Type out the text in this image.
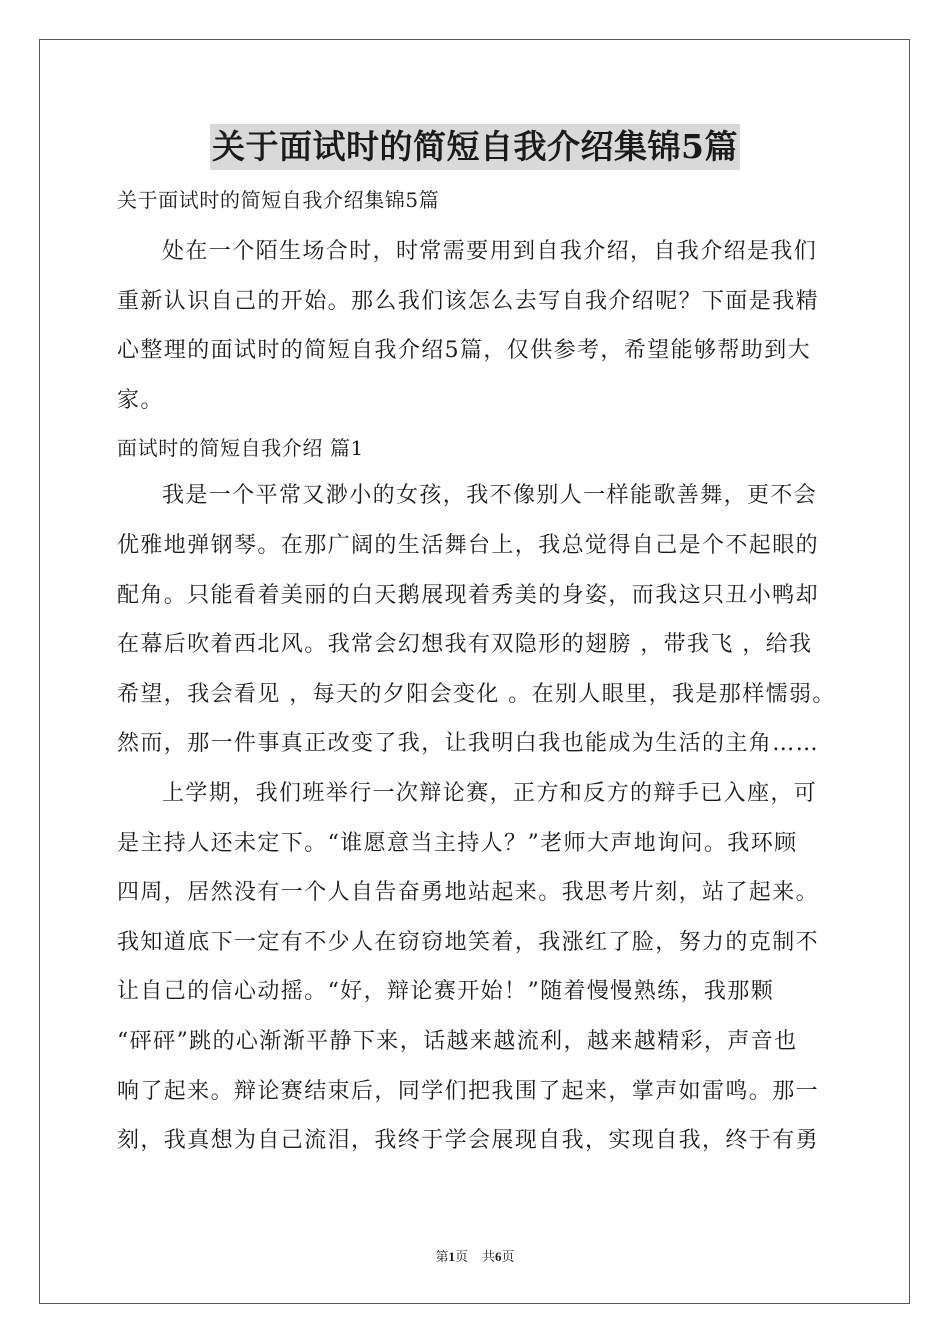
关于面试时的简短自我介绍集锦5篇
关于面试时的简短自我介绍集锦5篇
处在一个陌生场合时，时常需要用到自我介绍，自我介绍是我们
重新认识自己的开始。那么我们该怎么去写自我介绍呢？下面是我精
心整理的面试时的简短自我介绍5篇，仅供参考，希望能够帮助到大
家。
面试时的简短自我介绍 篇1
我是一个平常又渺小的女孩，我不像别人一样能歌善舞，更不会
优雅地弹钢琴。在那广阔的生活舞台上，我总觉得自己是个不起眼的
配角。只能看着美丽的白天鹅展现着秀美的身姿，而我这只丑小鸭却
在幕后吹着西北风。我常会幻想我有双隐形的翅膀 ，带我飞 ，给我
希望，我会看见 ，每天的夕阳会变化 。在别人眼里，我是那样懦弱。
然而，那一件事真正改变了我，让我明白我也能成为生活的主角……
上学期，我们班举行一次辩论赛，正方和反方的辩手已入座，可
是主持人还未定下。“谁愿意当主持人？”老师大声地询问。我环顾
四周，居然没有一个人自告奋勇地站起来。我思考片刻，站了起来。
我知道底下一定有不少人在窃窃地笑着，我涨红了脸，努力的克制不
让自己的信心动摇。“好，辩论赛开始！”随着慢慢熟练，我那颗
“砰砰”跳的心渐渐平静下来，话越来越流利，越来越精彩，声音也
响了起来。辩论赛结束后，同学们把我围了起来，掌声如雷鸣。那一
刻，我真想为自己流泪，我终于学会展现自我，实现自我，终于有勇
第1页 共6页
